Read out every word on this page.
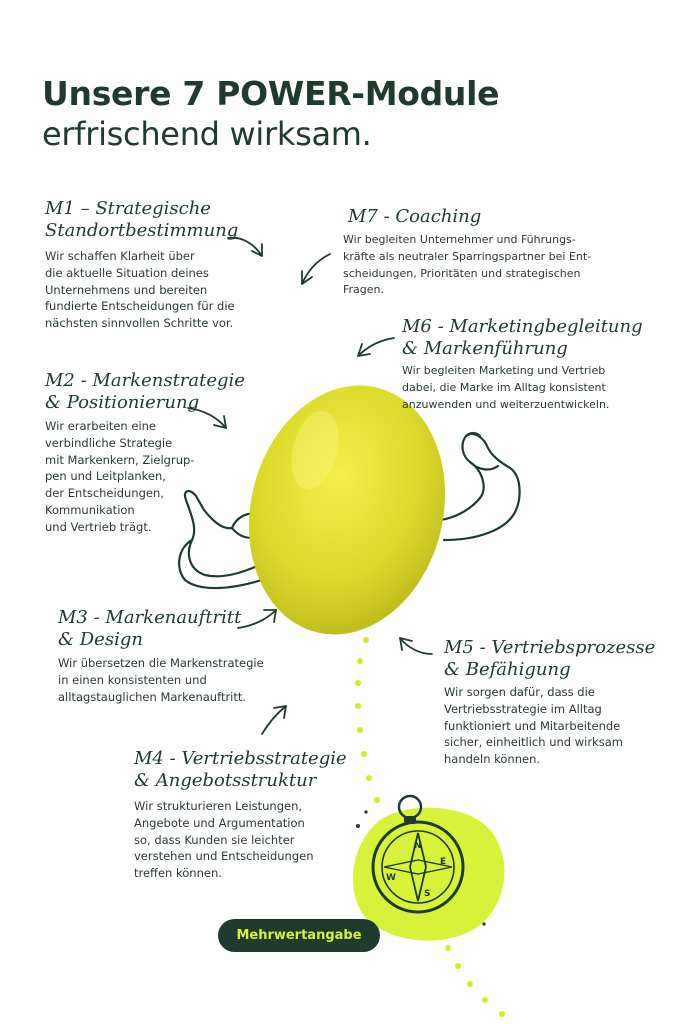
N
S
W
E
Unsere 7 POWER-Module
erfrischend wirksam.
M1 – Strategische
Standortbestimmung
Wir schaffen Klarheit über
die aktuelle Situation deines
Unternehmens und bereiten
fundierte Entscheidungen für die
nächsten sinnvollen Schritte vor.
M7 - Coaching
Wir begleiten Unternehmer und Führungs-
kräfte als neutraler Sparringspartner bei Ent-
scheidungen, Prioritäten und strategischen
Fragen.
M6 - Marketingbegleitung
& Markenführung
Wir begleiten Marketing und Vertrieb
dabei, die Marke im Alltag konsistent
anzuwenden und weiterzuentwickeln.
M2 - Markenstrategie
& Positionierung
Wir erarbeiten eine
verbindliche Strategie
mit Markenkern, Zielgrup-
pen und Leitplanken,
der Entscheidungen,
Kommunikation
und Vertrieb trägt.
M3 - Markenauftritt
& Design
Wir übersetzen die Markenstrategie
in einen konsistenten und
alltagstauglichen Markenauftritt.
M5 - Vertriebsprozesse
& Befähigung
Wir sorgen dafür, dass die
Vertriebsstrategie im Alltag
funktioniert und Mitarbeitende
sicher, einheitlich und wirksam
handeln können.
M4 - Vertriebsstrategie
& Angebotsstruktur
Wir strukturieren Leistungen,
Angebote und Argumentation
so, dass Kunden sie leichter
verstehen und Entscheidungen
treffen können.
Mehrwertangabe
